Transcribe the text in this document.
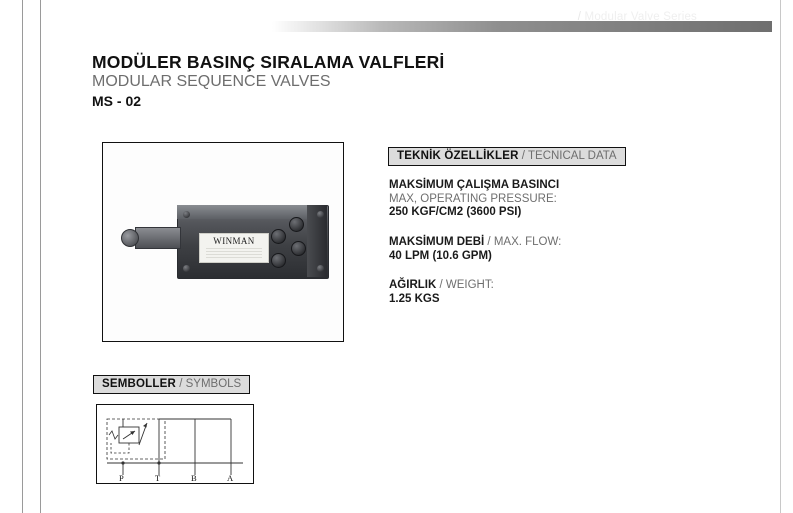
Modüler Valf Serileri / Modular Valve Series
MODÜLER BASINÇ SIRALAMA VALFLERİ
MODULAR SEQUENCE VALVES
MS - 02
WINMAN
TEKNİK ÖZELLİKLER / TECNICAL DATA
MAKSİMUM ÇALIŞMA BASINCI
MAX, OPERATING PRESSURE:
250 KGF/CM2 (3600 PSI)
MAKSİMUM DEBİ / MAX. FLOW:
40 LPM (10.6 GPM)
AĞIRLIK / WEIGHT:
1.25 KGS
SEMBOLLER / SYMBOLS
P	T	B	A
